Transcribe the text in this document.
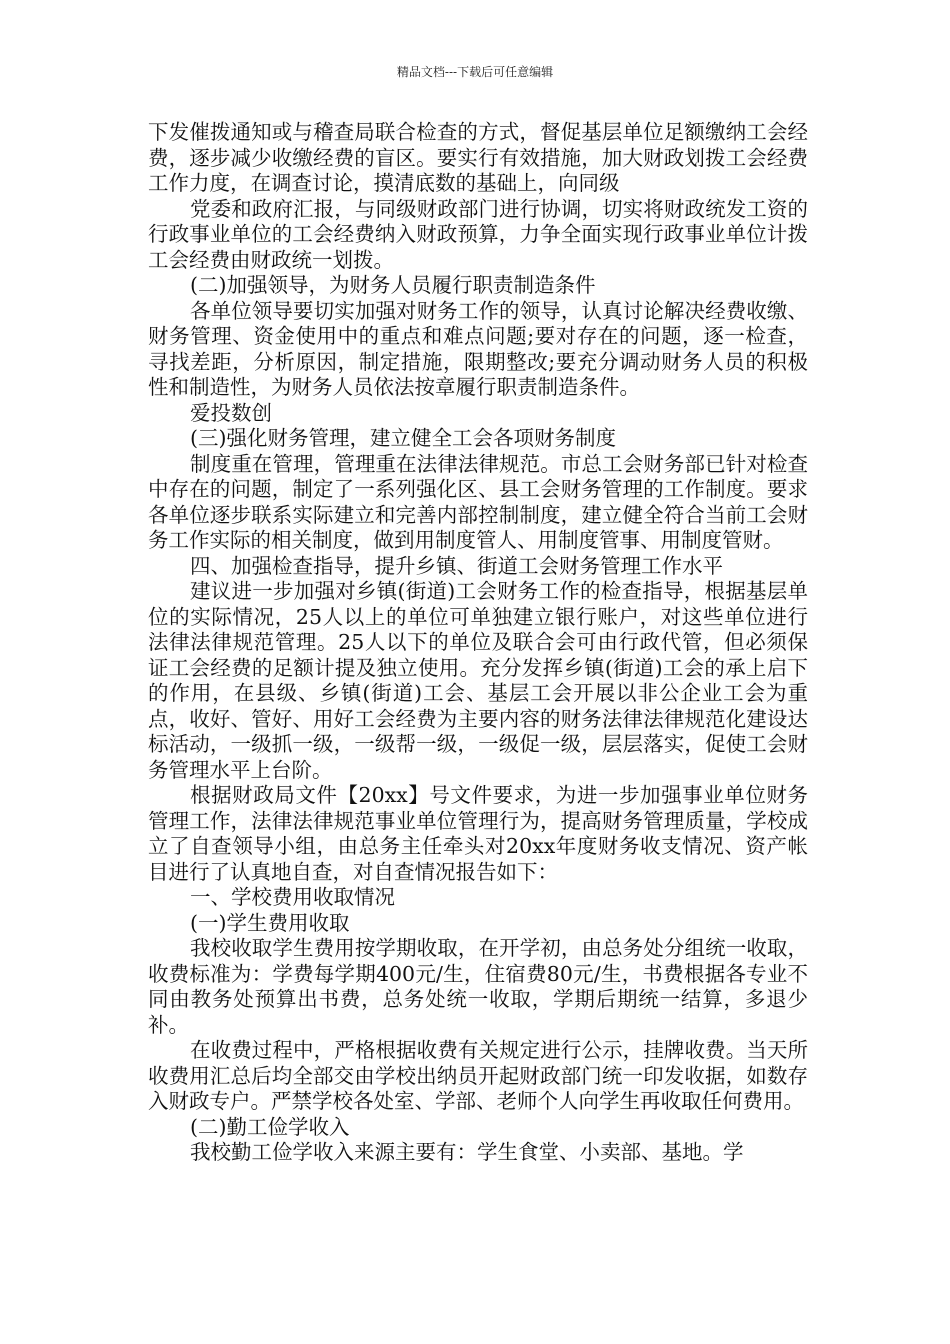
精品文档---下载后可任意编辑

下发催拨通知或与稽查局联合检查的方式，督促基层单位足额缴纳工会经费，逐步减少收缴经费的盲区。要实行有效措施，加大财政划拨工会经费工作力度，在调查讨论，摸清底数的基础上，向同级

党委和政府汇报，与同级财政部门进行协调，切实将财政统发工资的行政事业单位的工会经费纳入财政预算，力争全面实现行政事业单位计拨工会经费由财政统一划拨。

(二)加强领导，为财务人员履行职责制造条件

各单位领导要切实加强对财务工作的领导，认真讨论解决经费收缴、财务管理、资金使用中的重点和难点问题;要对存在的问题，逐一检查，寻找差距，分析原因，制定措施，限期整改;要充分调动财务人员的积极性和制造性，为财务人员依法按章履行职责制造条件。

爱投数创

(三)强化财务管理，建立健全工会各项财务制度

制度重在管理，管理重在法律法律规范。市总工会财务部已针对检查中存在的问题，制定了一系列强化区、县工会财务管理的工作制度。要求各单位逐步联系实际建立和完善内部控制制度，建立健全符合当前工会财务工作实际的相关制度，做到用制度管人、用制度管事、用制度管财。

四、加强检查指导，提升乡镇、街道工会财务管理工作水平

建议进一步加强对乡镇(街道)工会财务工作的检查指导，根据基层单位的实际情况，25人以上的单位可单独建立银行账户，对这些单位进行法律法律规范管理。25人以下的单位及联合会可由行政代管，但必须保证工会经费的足额计提及独立使用。充分发挥乡镇(街道)工会的承上启下的作用，在县级、乡镇(街道)工会、基层工会开展以非公企业工会为重点，收好、管好、用好工会经费为主要内容的财务法律法律规范化建设达标活动，一级抓一级，一级帮一级，一级促一级，层层落实，促使工会财务管理水平上台阶。

根据财政局文件【20xx】号文件要求，为进一步加强事业单位财务管理工作，法律法律规范事业单位管理行为，提高财务管理质量，学校成立了自查领导小组，由总务主任牵头对20xx年度财务收支情况、资产帐目进行了认真地自查，对自查情况报告如下：

一、学校费用收取情况

(一)学生费用收取

我校收取学生费用按学期收取，在开学初，由总务处分组统一收取，收费标准为：学费每学期400元/生，住宿费80元/生，书费根据各专业不同由教务处预算出书费，总务处统一收取，学期后期统一结算，多退少补。

在收费过程中，严格根据收费有关规定进行公示，挂牌收费。当天所收费用汇总后均全部交由学校出纳员开起财政部门统一印发收据，如数存入财政专户。严禁学校各处室、学部、老师个人向学生再收取任何费用。

(二)勤工俭学收入

我校勤工俭学收入来源主要有：学生食堂、小卖部、基地。学
